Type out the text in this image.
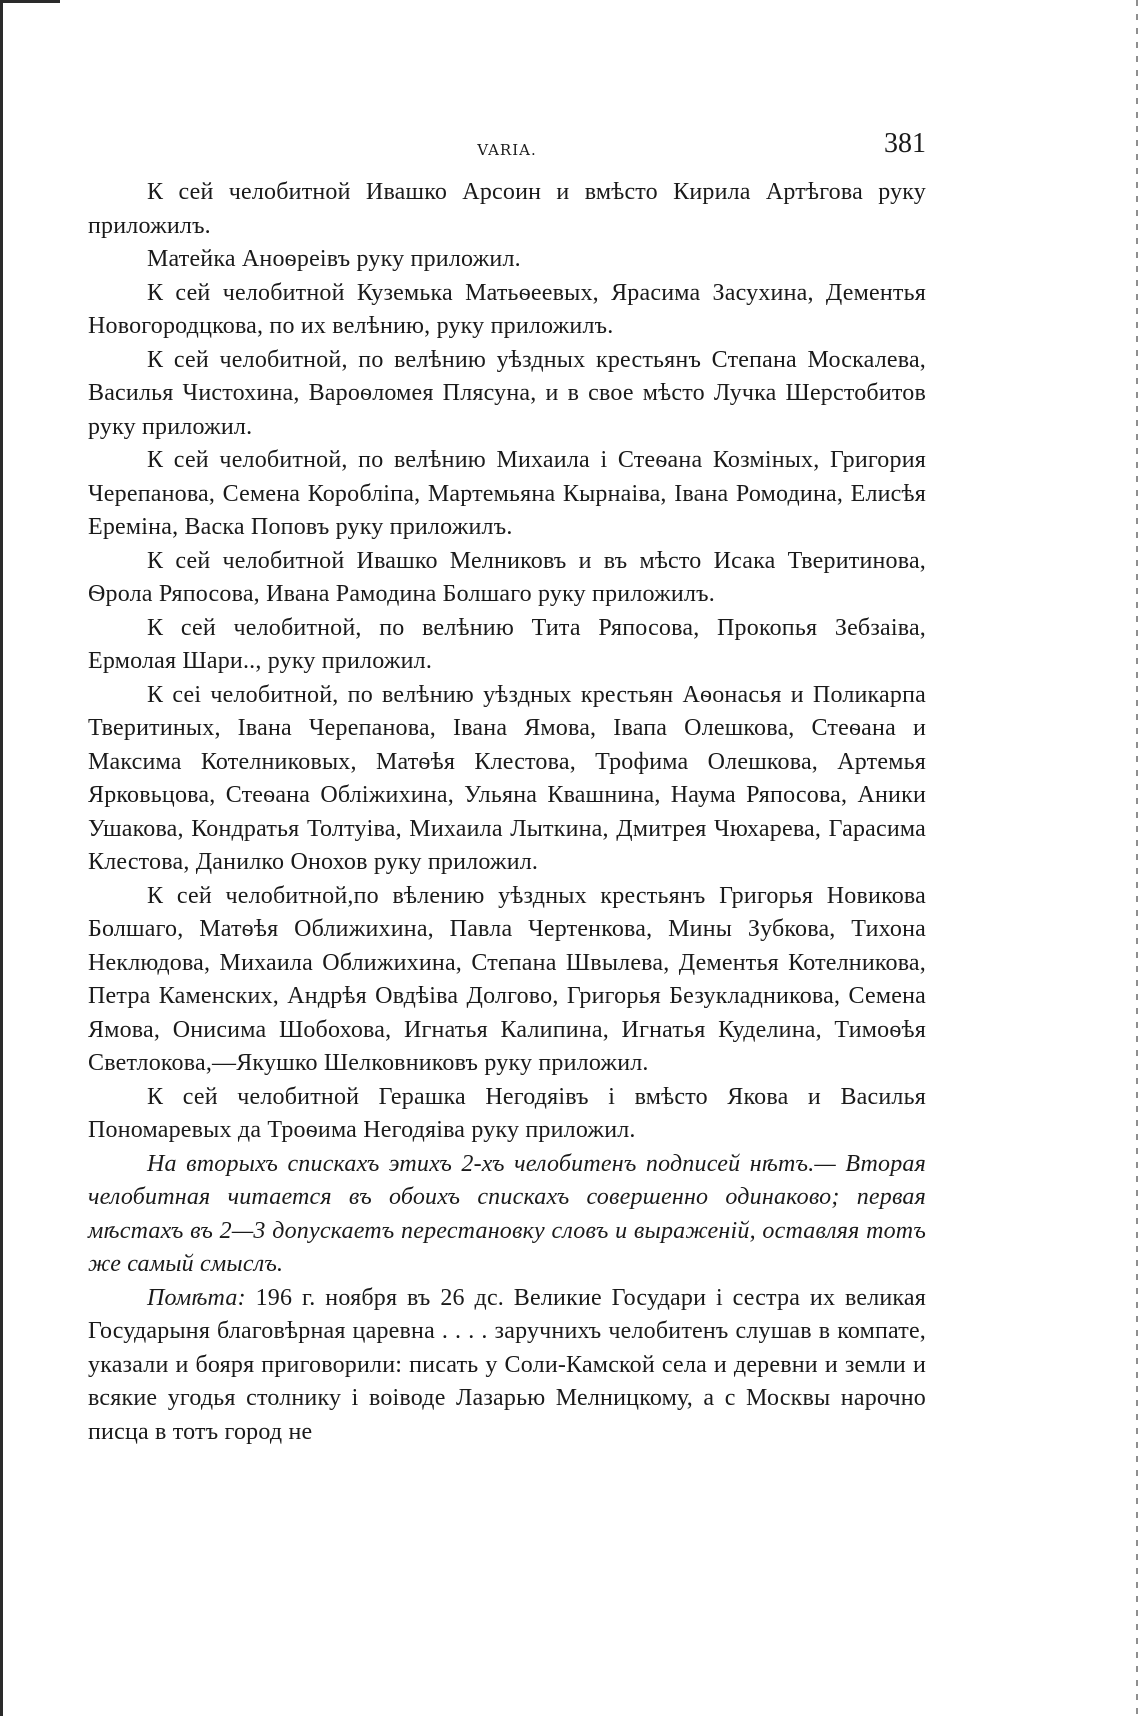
VARIA.	381

К сей челобитной Ивашко Арсоин и вмѣсто Кирила Артѣгова руку приложилъ.

Матейка Аноѳреівъ руку приложил.

К сей челобитной Куземька Матьѳеевых, Ярасима Засухина, Дементья Новогородцкова, по их велѣнию, руку приложилъ.

К сей челобитной, по велѣнию уѣздных крестьянъ Степана Москалева, Василья Чистохина, Вароѳломея Плясуна, и в свое мѣсто Лучка Шерстобитов руку приложил.

К сей челобитной, по велѣнию Михаила і Стеѳана Козміных, Григория Черепанова, Семена Коробліпа, Мартемьяна Кырнаіва, Івана Ромодина, Елисѣя Еремінa, Васка Поповъ руку приложилъ.

К сей челобитной Ивашко Мелниковъ и въ мѣсто Исака Тверитинова, Ѳрола Ряпосова, Ивана Рамодина Болшаго руку приложилъ.

К сей челобитной, по велѣнию Тита Ряпосова, Прокопья Зебзаіва, Ермолая Шари.., руку приложил.

К сеі челобитной, по велѣнию уѣздных крестьян Аѳонасья и Поликарпа Тверитиных, Івана Черепанова, Івана Ямова, Івапа Олешкова, Стеѳана и Максима Котелниковых, Матѳѣя Клестова, Трофима Олешкова, Артемья Ярковьцова, Стеѳана Обліжихина, Ульяна Квашнина, Наума Ряпосова, Аники Ушакова, Кондратья Толтуіва, Михаила Лыткина, Дмитрея Чюхарева, Гарасима Клестова, Данилко Онохов руку приложил.

К сей челобитной,по вѣлению уѣздных крестьянъ Григорья Новикова Болшаго, Матѳѣя Оближихина, Павла Чертенкова, Мины Зубкова, Тихона Неклюдова, Михаила Оближихина, Степана Швылева, Дементья Котелникова, Петра Каменских, Андрѣя Овдѣіва Долгово, Григорья Безукладникова, Семена Ямова, Онисима Шобохова, Игнатья Калипина, Игнатья Куделина, Тимоѳѣя Светлокова,—Якушко Шелковниковъ руку приложил.

К сей челобитной Герашка Негодяівъ і вмѣсто Якова и Василья Пономаревых да Троѳима Негодяіва руку приложил.

На вторыхъ спискахъ этихъ 2-хъ челобитенъ подписей нѣтъ.— Вторая челобитная читается въ обоихъ спискахъ совершенно одинаково; первая мѣстахъ въ 2—3 допускаетъ перестановку словъ и выраженій, оставляя тотъ же самый смыслъ.

Помѣта: 196 г. ноября въ 26 дс. Великие Государи і сестра их великая Государыня благовѣрная царевна . . . . заручнихъ челобитенъ слушав в компате, указали и бояря приговорили: писать у Соли-Камской села и деревни и земли и всякие угодья столнику і воіводе Лазарью Мелницкому, а с Москвы нарочно писца в тотъ город не
